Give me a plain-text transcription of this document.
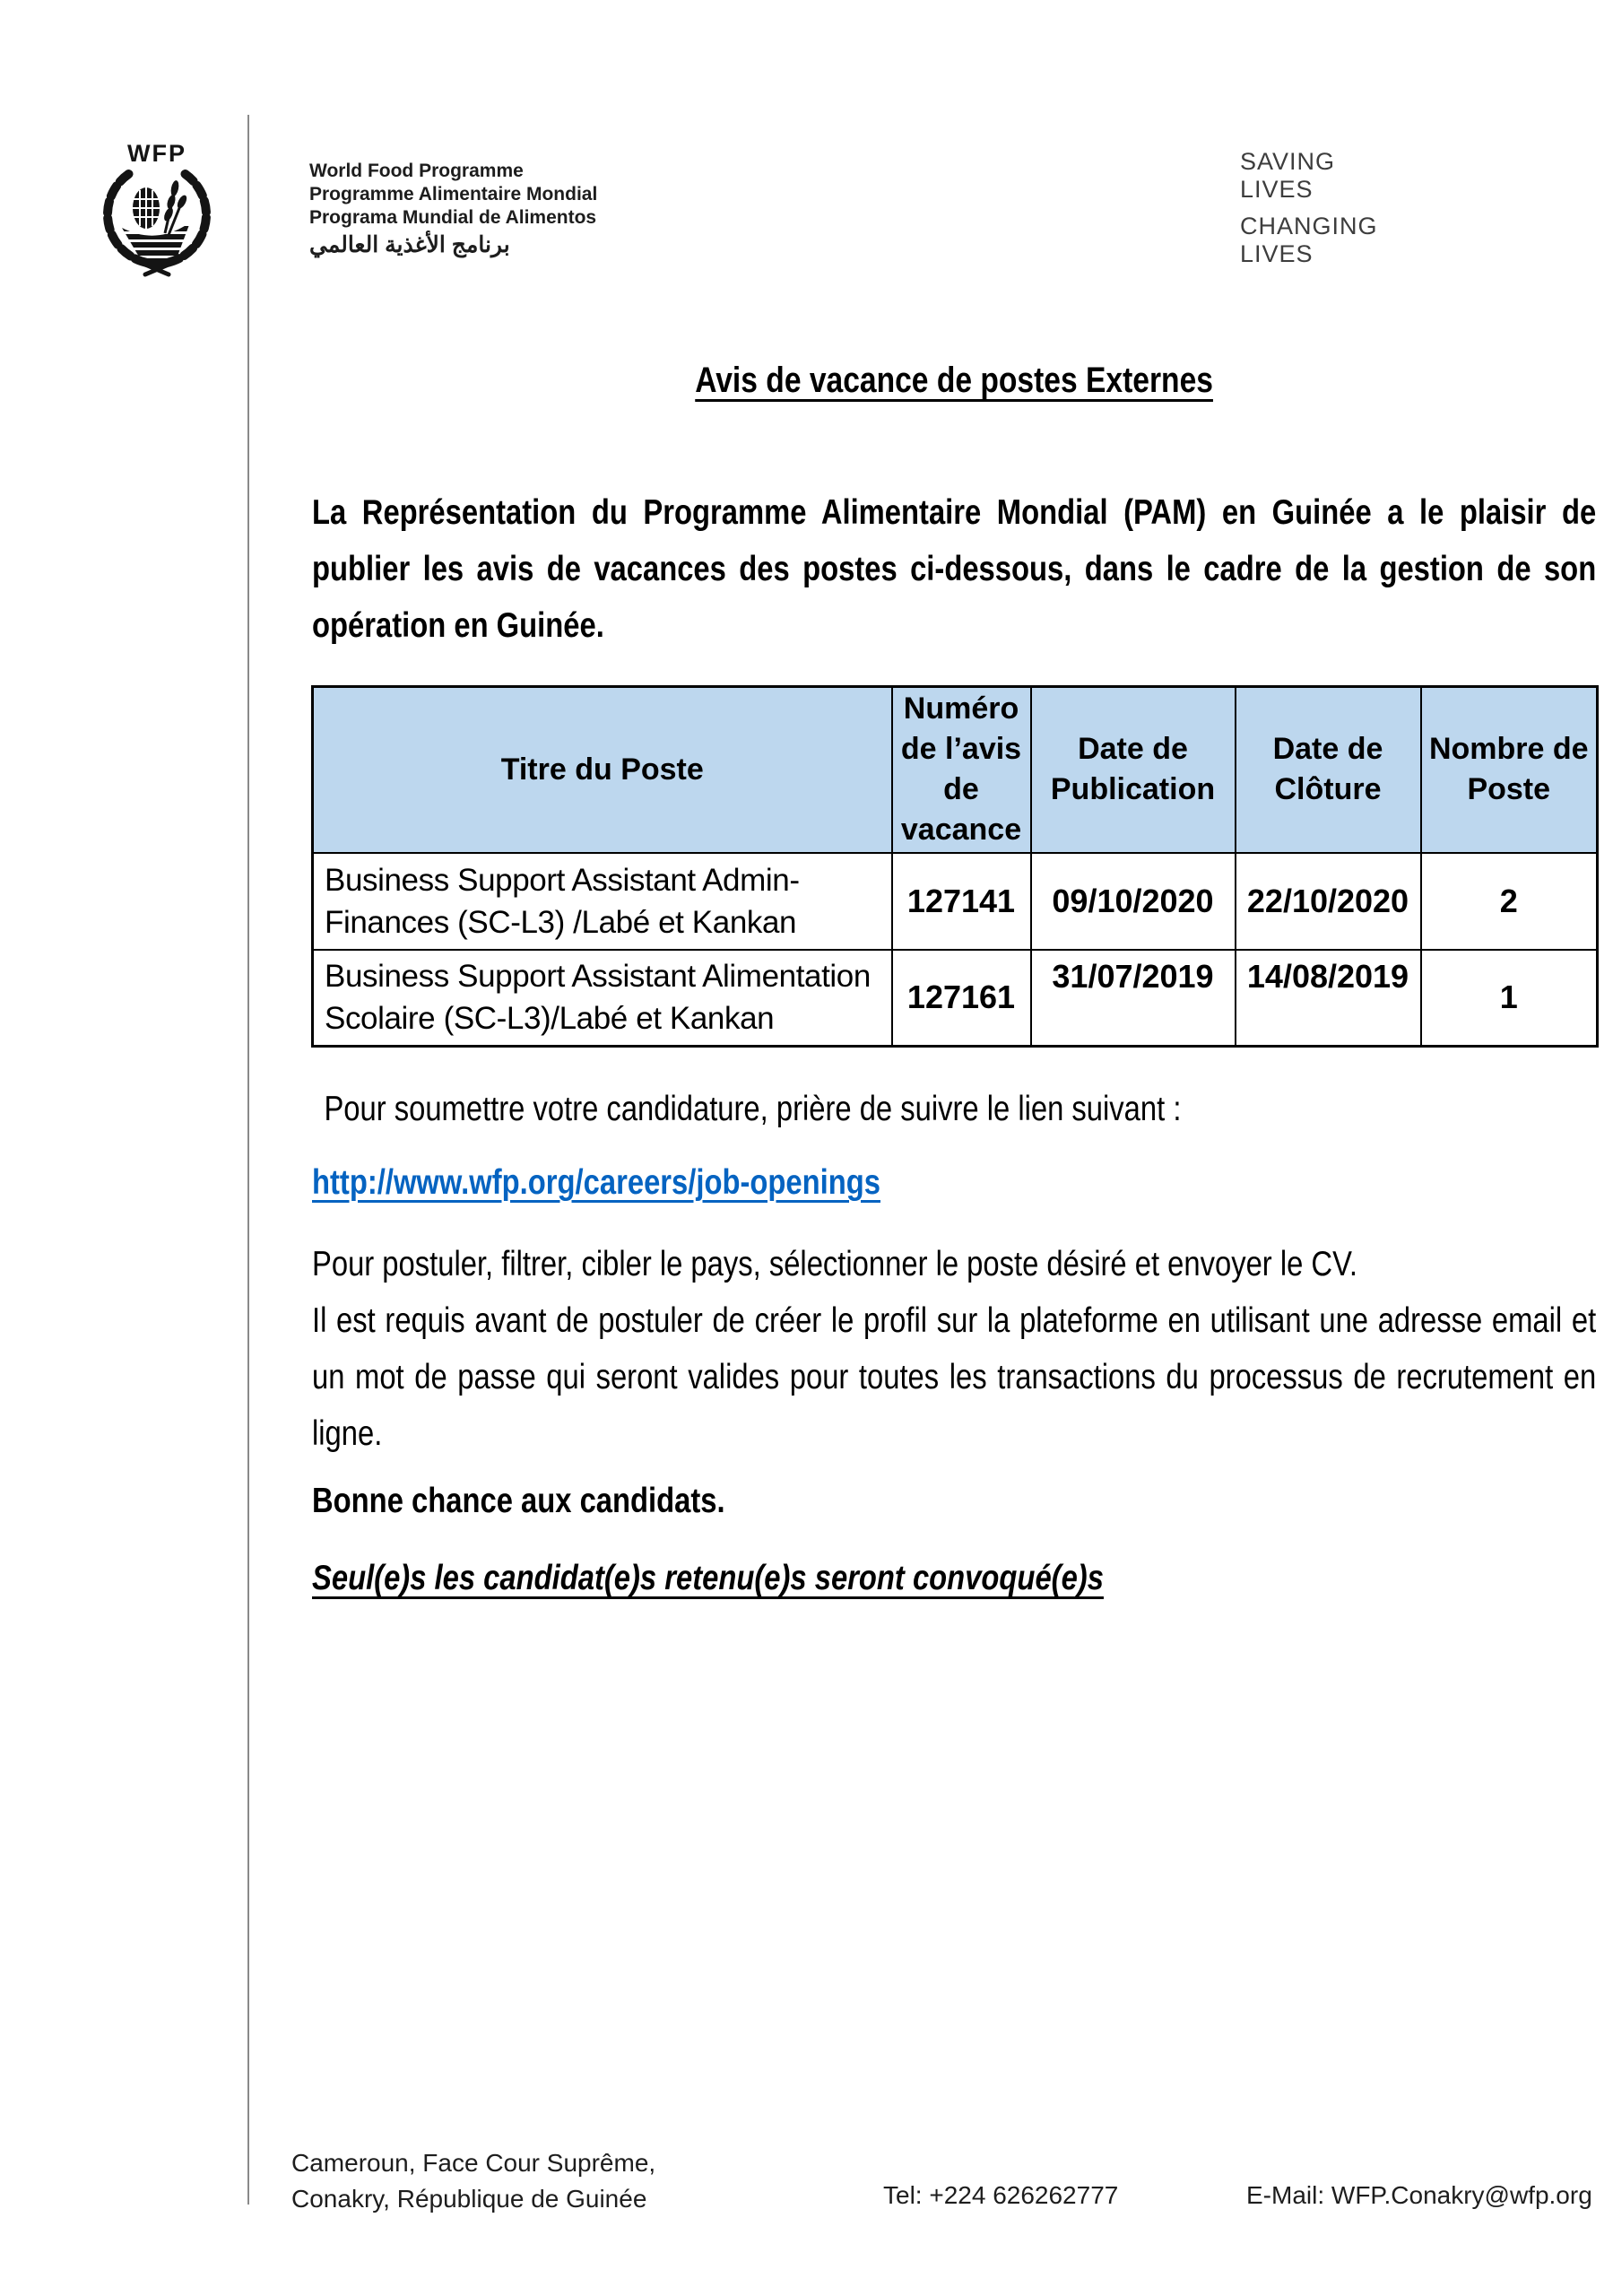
WFP
World Food Programme
Programme Alimentaire Mondial
Programa Mundial de Alimentos
برنامج الأغذية العالمي
SAVING
LIVES
CHANGING
LIVES
Avis de vacance de postes Externes
La Représentation du Programme Alimentaire Mondial (PAM) en Guinée a le plaisir de publier les avis de vacances des postes ci-dessous, dans le cadre de la gestion de son opération en Guinée.
Titre du Poste	Numéro de l’avis de vacance	Date de Publication	Date de Clôture	Nombre de Poste
Business Support Assistant Admin-Finances (SC-L3) /Labé et Kankan	127141	09/10/2020	22/10/2020	2
Business Support Assistant Alimentation Scolaire (SC-L3)/Labé et Kankan	127161	31/07/2019	14/08/2019	1
Pour soumettre votre candidature, prière de suivre le lien suivant :
http://www.wfp.org/careers/job-openings
Pour postuler, filtrer, cibler le pays, sélectionner le poste désiré et envoyer le CV.
Il est requis avant de postuler de créer le profil sur la plateforme en utilisant une adresse email et un mot de passe qui seront valides pour toutes les transactions du processus de recrutement en ligne.
Bonne chance aux candidats.
Seul(e)s les candidat(e)s retenu(e)s seront convoqué(e)s
Cameroun, Face Cour Suprême,
Conakry, République de Guinée	Tel: +224 626262777	E-Mail: WFP.Conakry@wfp.org
